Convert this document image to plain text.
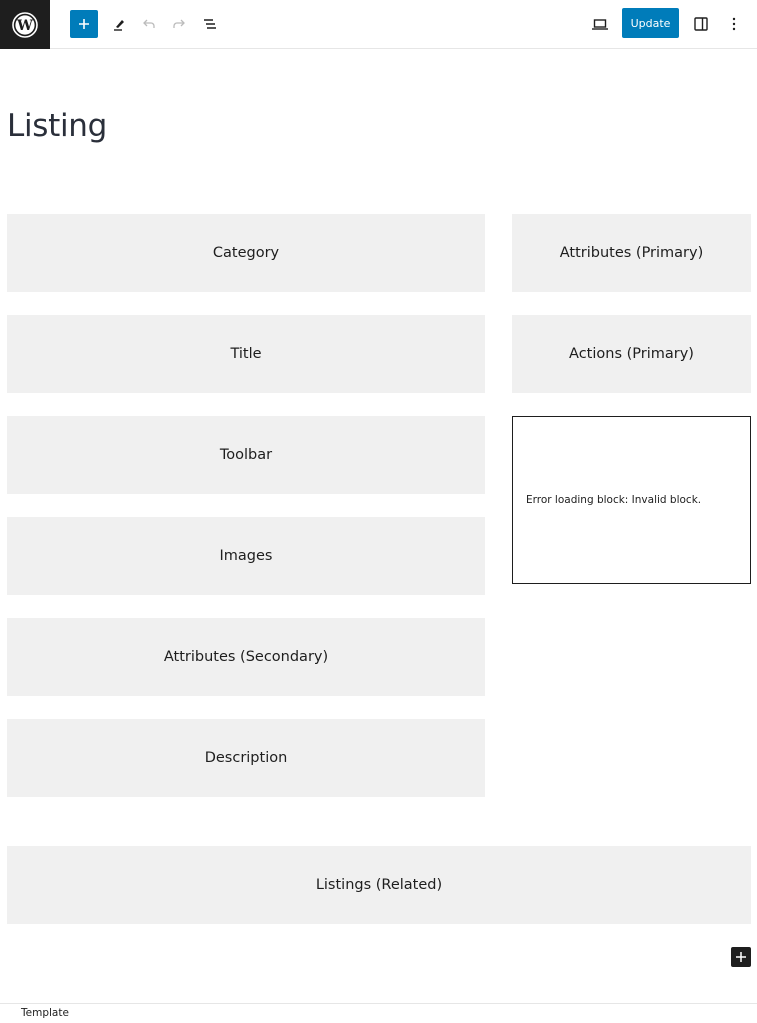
W	Update
Listing
Category
Title
Toolbar
Images
Attributes (Secondary)
Description
Attributes (Primary)
Actions (Primary)
Error loading block: Invalid block.
Listings (Related)
Template
